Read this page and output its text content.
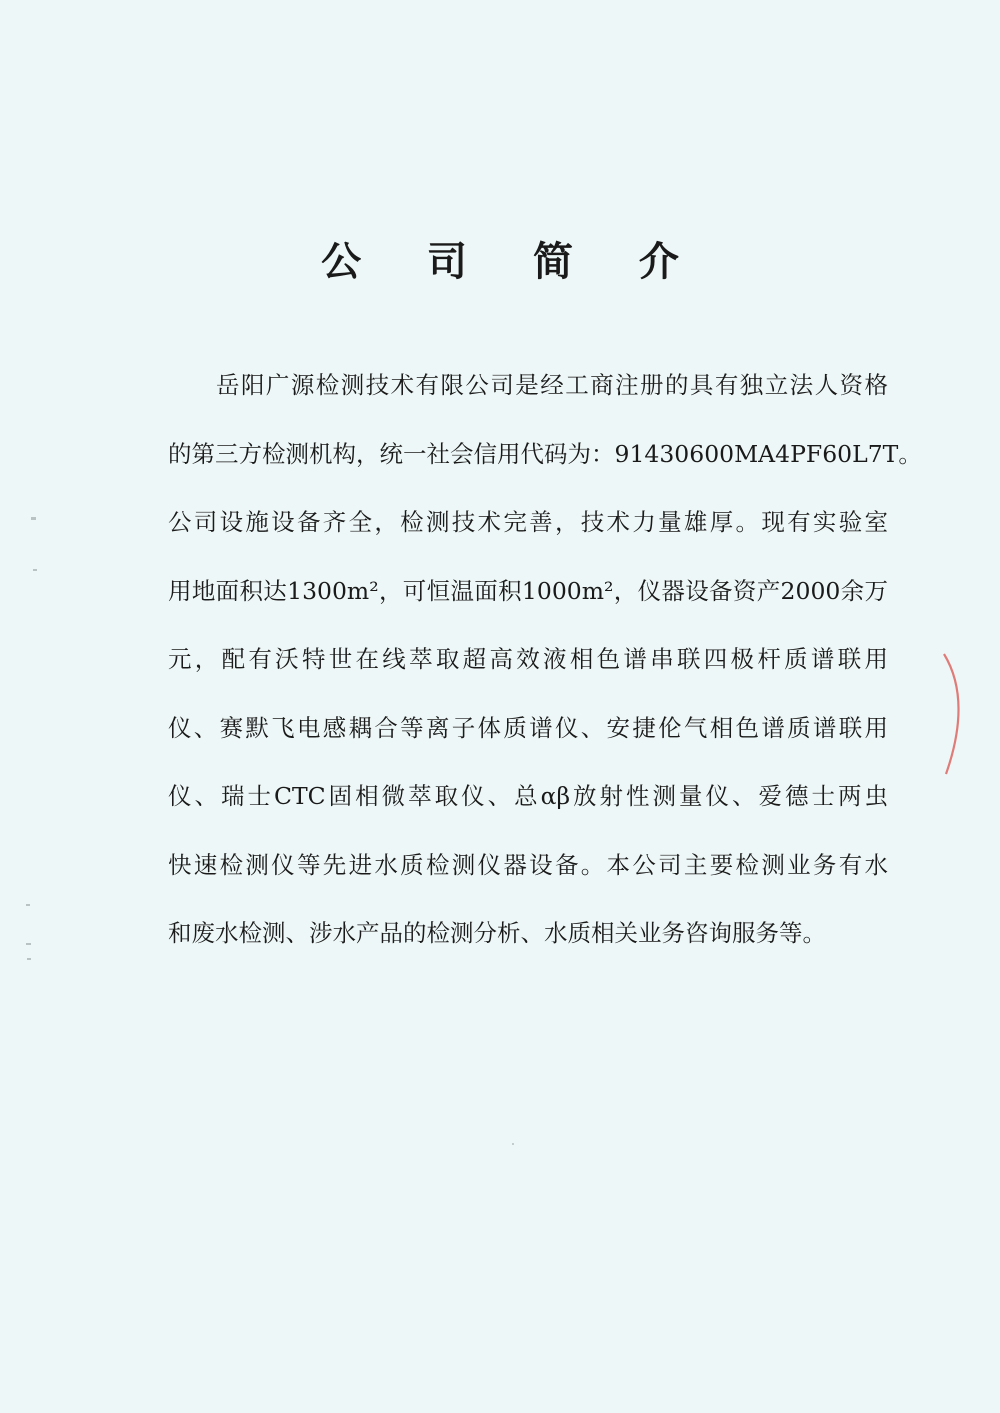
公 司 简 介
岳阳广源检测技术有限公司是经工商注册的具有独立法人资格
的第三方检测机构，统一社会信用代码为：91430600MA4PF60L7T。
公司设施设备齐全，检测技术完善，技术力量雄厚。现有实验室
用地面积达1300m²，可恒温面积1000m²，仪器设备资产2000余万
元，配有沃特世在线萃取超高效液相色谱串联四极杆质谱联用
仪、赛默飞电感耦合等离子体质谱仪、安捷伦气相色谱质谱联用
仪、瑞士CTC固相微萃取仪、总αβ放射性测量仪、爱德士两虫
快速检测仪等先进水质检测仪器设备。本公司主要检测业务有水
和废水检测、涉水产品的检测分析、水质相关业务咨询服务等。
